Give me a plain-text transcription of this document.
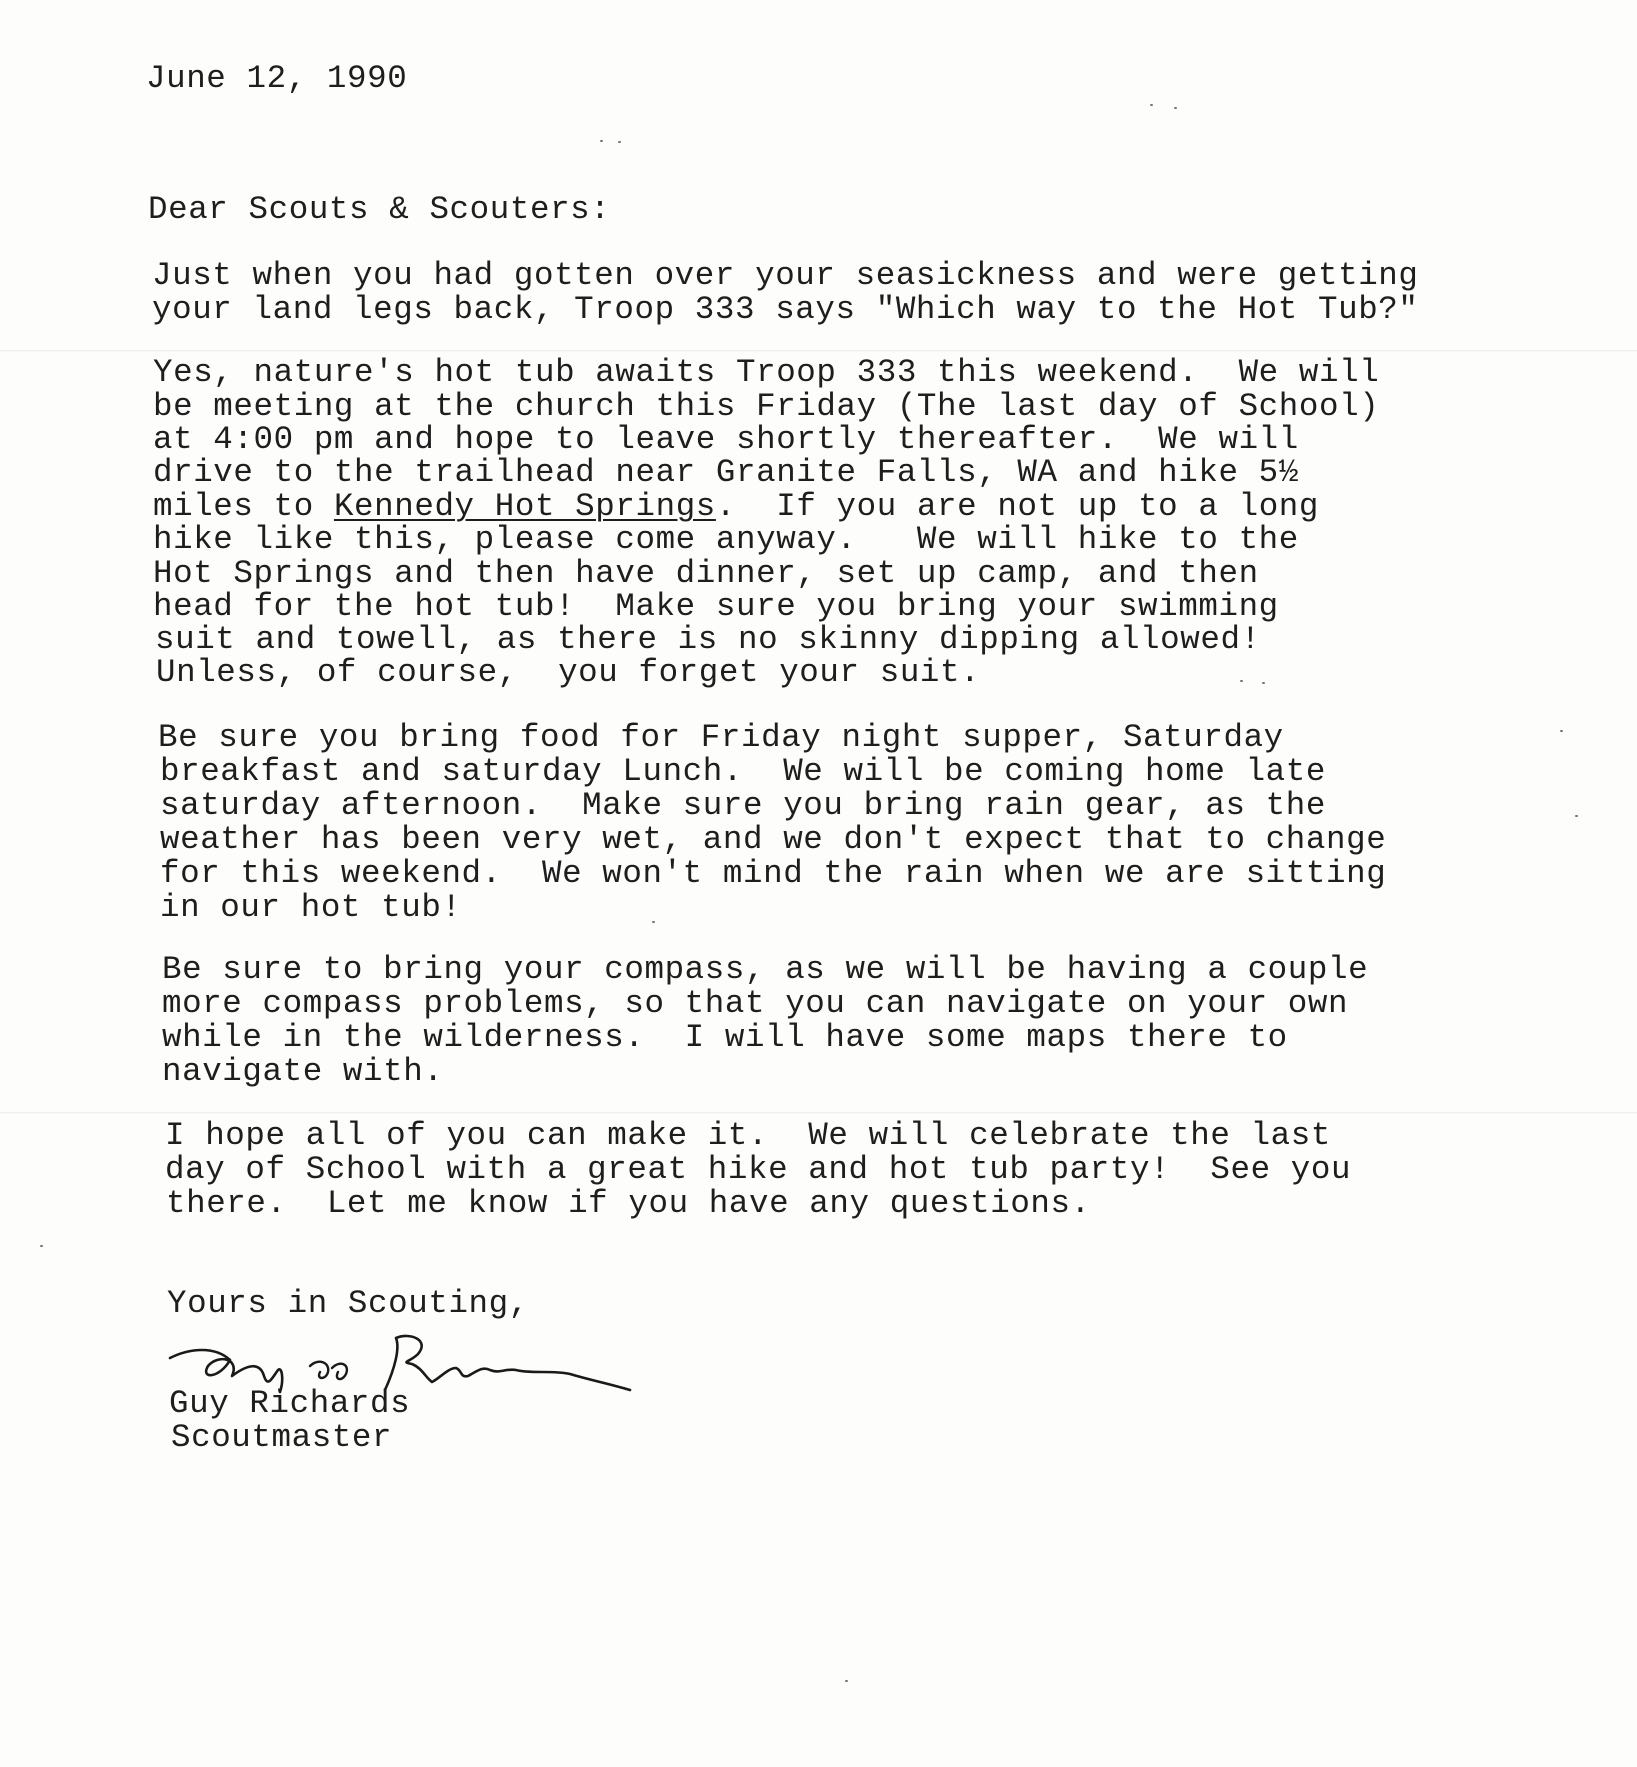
June 12, 1990
Dear Scouts & Scouters:
Just when you had gotten over your seasickness and were getting
your land legs back, Troop 333 says "Which way to the Hot Tub?"
Yes, nature's hot tub awaits Troop 333 this weekend.  We will
be meeting at the church this Friday (The last day of School)
at 4:00 pm and hope to leave shortly thereafter.  We will
drive to the trailhead near Granite Falls, WA and hike 5½
miles to Kennedy Hot Springs.  If you are not up to a long
hike like this, please come anyway.   We will hike to the
Hot Springs and then have dinner, set up camp, and then
head for the hot tub!  Make sure you bring your swimming
suit and towell, as there is no skinny dipping allowed!
Unless, of course,  you forget your suit.
Be sure you bring food for Friday night supper, Saturday
breakfast and saturday Lunch.  We will be coming home late
saturday afternoon.  Make sure you bring rain gear, as the
weather has been very wet, and we don't expect that to change
for this weekend.  We won't mind the rain when we are sitting
in our hot tub!
Be sure to bring your compass, as we will be having a couple
more compass problems, so that you can navigate on your own
while in the wilderness.  I will have some maps there to
navigate with.
I hope all of you can make it.  We will celebrate the last
day of School with a great hike and hot tub party!  See you
there.  Let me know if you have any questions.
Yours in Scouting,
Guy Richards
Scoutmaster
